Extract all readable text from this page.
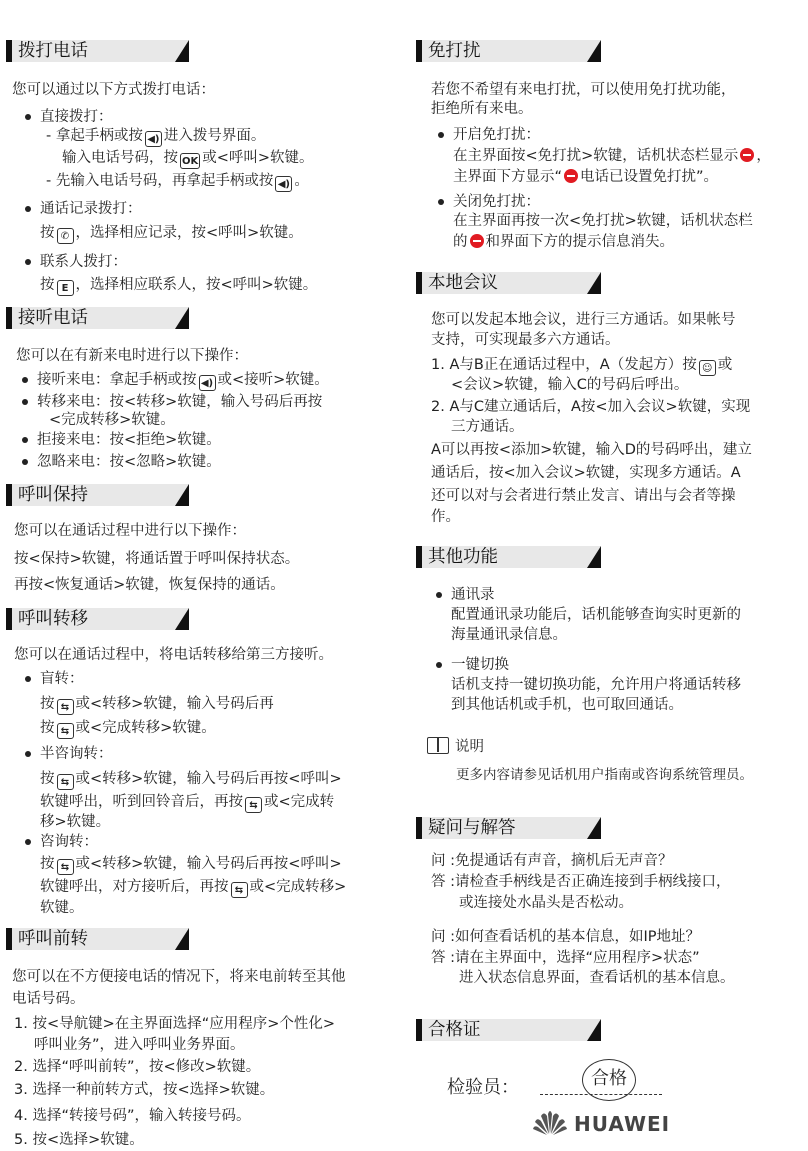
拨打电话
您可以通过以下方式拨打电话：
直接拨打：
- 拿起手柄或按 ◀) 进入拨号界面。
输入电话号码，按 OK 或<呼叫>软键。
- 先输入电话号码，再拿起手柄或按 ◀) 。
通话记录拨打：
按 ✆ ，选择相应记录，按<呼叫>软键。
联系人拨打：
按 E ，选择相应联系人，按<呼叫>软键。
接听电话
您可以在有新来电时进行以下操作：
接听来电：拿起手柄或按 ◀) 或<接听>软键。
转移来电：按<转移>软键，输入号码后再按
<完成转移>软键。
拒接来电：按<拒绝>软键。
忽略来电：按<忽略>软键。
呼叫保持
您可以在通话过程中进行以下操作：
按<保持>软键，将通话置于呼叫保持状态。
再按<恢复通话>软键，恢复保持的通话。
呼叫转移
您可以在通话过程中，将电话转移给第三方接听。
盲转：
按 ⇆ 或<转移>软键，输入号码后再
按 ⇆ 或<完成转移>软键。
半咨询转：
按 ⇆ 或<转移>软键，输入号码后再按<呼叫>
软键呼出，听到回铃音后，再按 ⇆ 或<完成转
移>软键。
咨询转：
按 ⇆ 或<转移>软键，输入号码后再按<呼叫>
软键呼出，对方接听后，再按 ⇆ 或<完成转移>
软键。
呼叫前转
您可以在不方便接电话的情况下，将来电前转至其他
电话号码。
1. 按<导航键>在主界面选择“应用程序>个性化>
呼叫业务”，进入呼叫业务界面。
2. 选择“呼叫前转”，按<修改>软键。
3. 选择一种前转方式，按<选择>软键。
4. 选择“转接号码”，输入转接号码。
5. 按<选择>软键。
免打扰
若您不希望有来电打扰，可以使用免打扰功能，
拒绝所有来电。
开启免打扰：
在主界面按<免打扰>软键，话机状态栏显示 ，
主界面下方显示“ 电话已设置免打扰”。
关闭免打扰：
在主界面再按一次<免打扰>软键，话机状态栏
的 和界面下方的提示信息消失。
本地会议
您可以发起本地会议，进行三方通话。如果帐号
支持，可实现最多六方通话。
1. A与B正在通话过程中，A（发起方）按 ☺ 或
<会议>软键，输入C的号码后呼出。
2. A与C建立通话后，A按<加入会议>软键，实现
三方通话。
A可以再按<添加>软键，输入D的号码呼出，建立
通话后，按<加入会议>软键，实现多方通话。A
还可以对与会者进行禁止发言、请出与会者等操
作。
其他功能
通讯录
配置通讯录功能后，话机能够查询实时更新的
海量通讯录信息。
一键切换
话机支持一键切换功能，允许用户将通话转移
到其他话机或手机，也可取回通话。
说明
更多内容请参见话机用户指南或咨询系统管理员。
疑问与解答
问 :免提通话有声音，摘机后无声音？
答 :请检查手柄线是否正确连接到手柄线接口，
或连接处水晶头是否松动。
问 :如何查看话机的基本信息，如IP地址？
答 :请在主界面中，选择“应用程序>状态”
进入状态信息界面，查看话机的基本信息。
合格证
检验员：	合格
HUAWEI
